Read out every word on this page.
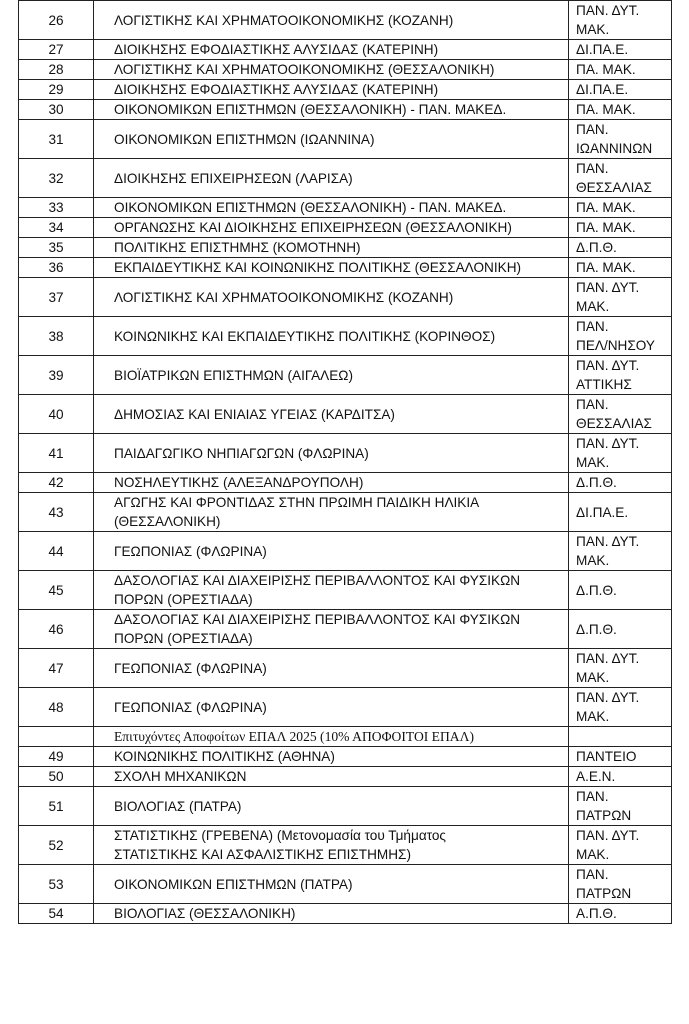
26	ΛΟΓΙΣΤΙΚΗΣ ΚΑΙ ΧΡΗΜΑΤΟΟΙΚΟΝΟΜΙΚΗΣ (ΚΟΖΑΝΗ)	ΠΑΝ. ΔΥΤ.
ΜΑΚ.

27	ΔΙΟΙΚΗΣΗΣ ΕΦΟΔΙΑΣΤΙΚΗΣ ΑΛΥΣΙΔΑΣ (ΚΑΤΕΡΙΝΗ)	ΔΙ.ΠΑ.Ε.

28	ΛΟΓΙΣΤΙΚΗΣ ΚΑΙ ΧΡΗΜΑΤΟΟΙΚΟΝΟΜΙΚΗΣ (ΘΕΣΣΑΛΟΝΙΚΗ)	ΠΑ. ΜΑΚ.

29	ΔΙΟΙΚΗΣΗΣ ΕΦΟΔΙΑΣΤΙΚΗΣ ΑΛΥΣΙΔΑΣ (ΚΑΤΕΡΙΝΗ)	ΔΙ.ΠΑ.Ε.

30	ΟΙΚΟΝΟΜΙΚΩΝ ΕΠΙΣΤΗΜΩΝ (ΘΕΣΣΑΛΟΝΙΚΗ) - ΠΑΝ. ΜΑΚΕΔ.	ΠΑ. ΜΑΚ.

31	ΟΙΚΟΝΟΜΙΚΩΝ ΕΠΙΣΤΗΜΩΝ (ΙΩΑΝΝΙΝΑ)	ΠΑΝ.
ΙΩΑΝΝΙΝΩΝ

32	ΔΙΟΙΚΗΣΗΣ ΕΠΙΧΕΙΡΗΣΕΩΝ (ΛΑΡΙΣΑ)	ΠΑΝ.
ΘΕΣΣΑΛΙΑΣ

33	ΟΙΚΟΝΟΜΙΚΩΝ ΕΠΙΣΤΗΜΩΝ (ΘΕΣΣΑΛΟΝΙΚΗ) - ΠΑΝ. ΜΑΚΕΔ.	ΠΑ. ΜΑΚ.

34	ΟΡΓΑΝΩΣΗΣ ΚΑΙ ΔΙΟΙΚΗΣΗΣ ΕΠΙΧΕΙΡΗΣΕΩΝ (ΘΕΣΣΑΛΟΝΙΚΗ)	ΠΑ. ΜΑΚ.

35	ΠΟΛΙΤΙΚΗΣ ΕΠΙΣΤΗΜΗΣ (ΚΟΜΟΤΗΝΗ)	Δ.Π.Θ.

36	ΕΚΠΑΙΔΕΥΤΙΚΗΣ ΚΑΙ ΚΟΙΝΩΝΙΚΗΣ ΠΟΛΙΤΙΚΗΣ (ΘΕΣΣΑΛΟΝΙΚΗ)	ΠΑ. ΜΑΚ.

37	ΛΟΓΙΣΤΙΚΗΣ ΚΑΙ ΧΡΗΜΑΤΟΟΙΚΟΝΟΜΙΚΗΣ (ΚΟΖΑΝΗ)	ΠΑΝ. ΔΥΤ.
ΜΑΚ.

38	ΚΟΙΝΩΝΙΚΗΣ ΚΑΙ ΕΚΠΑΙΔΕΥΤΙΚΗΣ ΠΟΛΙΤΙΚΗΣ (ΚΟΡΙΝΘΟΣ)	ΠΑΝ.
ΠΕΛ/ΝΗΣΟΥ

39	ΒΙΟΪΑΤΡΙΚΩΝ ΕΠΙΣΤΗΜΩΝ (ΑΙΓΑΛΕΩ)	ΠΑΝ. ΔΥΤ.
ΑΤΤΙΚΗΣ

40	ΔΗΜΟΣΙΑΣ ΚΑΙ ΕΝΙΑΙΑΣ ΥΓΕΙΑΣ (ΚΑΡΔΙΤΣΑ)	ΠΑΝ.
ΘΕΣΣΑΛΙΑΣ

41	ΠΑΙΔΑΓΩΓΙΚΟ ΝΗΠΙΑΓΩΓΩΝ (ΦΛΩΡΙΝΑ)	ΠΑΝ. ΔΥΤ.
ΜΑΚ.

42	ΝΟΣΗΛΕΥΤΙΚΗΣ (ΑΛΕΞΑΝΔΡΟΥΠΟΛΗ)	Δ.Π.Θ.

43	ΑΓΩΓΗΣ ΚΑΙ ΦΡΟΝΤΙΔΑΣ ΣΤΗΝ ΠΡΩΙΜΗ ΠΑΙΔΙΚΗ ΗΛΙΚΙΑ
(ΘΕΣΣΑΛΟΝΙΚΗ)	ΔΙ.ΠΑ.Ε.

44	ΓΕΩΠΟΝΙΑΣ (ΦΛΩΡΙΝΑ)	ΠΑΝ. ΔΥΤ.
ΜΑΚ.

45	ΔΑΣΟΛΟΓΙΑΣ ΚΑΙ ΔΙΑΧΕΙΡΙΣΗΣ ΠΕΡΙΒΑΛΛΟΝΤΟΣ ΚΑΙ ΦΥΣΙΚΩΝ
ΠΟΡΩΝ (ΟΡΕΣΤΙΑΔΑ)	Δ.Π.Θ.

46	ΔΑΣΟΛΟΓΙΑΣ ΚΑΙ ΔΙΑΧΕΙΡΙΣΗΣ ΠΕΡΙΒΑΛΛΟΝΤΟΣ ΚΑΙ ΦΥΣΙΚΩΝ
ΠΟΡΩΝ (ΟΡΕΣΤΙΑΔΑ)	Δ.Π.Θ.

47	ΓΕΩΠΟΝΙΑΣ (ΦΛΩΡΙΝΑ)	ΠΑΝ. ΔΥΤ.
ΜΑΚ.

48	ΓΕΩΠΟΝΙΑΣ (ΦΛΩΡΙΝΑ)	ΠΑΝ. ΔΥΤ.
ΜΑΚ.

	Επιτυχόντες Αποφοίτων ΕΠΑΛ 2025 (10% ΑΠΟΦΟΙΤΟΙ ΕΠΑΛ)	
49	ΚΟΙΝΩΝΙΚΗΣ ΠΟΛΙΤΙΚΗΣ (ΑΘΗΝΑ)	ΠΑΝΤΕΙΟ

50	ΣΧΟΛΗ ΜΗΧΑΝΙΚΩΝ	Α.Ε.Ν.

51	ΒΙΟΛΟΓΙΑΣ (ΠΑΤΡΑ)	ΠΑΝ.
ΠΑΤΡΩΝ

52	ΣΤΑΤΙΣΤΙΚΗΣ (ΓΡΕΒΕΝΑ) (Μετονομασία του Τμήματος
ΣΤΑΤΙΣΤΙΚΗΣ ΚΑΙ ΑΣΦΑΛΙΣΤΙΚΗΣ ΕΠΙΣΤΗΜΗΣ)	ΠΑΝ. ΔΥΤ.
ΜΑΚ.

53	ΟΙΚΟΝΟΜΙΚΩΝ ΕΠΙΣΤΗΜΩΝ (ΠΑΤΡΑ)	ΠΑΝ.
ΠΑΤΡΩΝ

54	ΒΙΟΛΟΓΙΑΣ (ΘΕΣΣΑΛΟΝΙΚΗ)	Α.Π.Θ.
